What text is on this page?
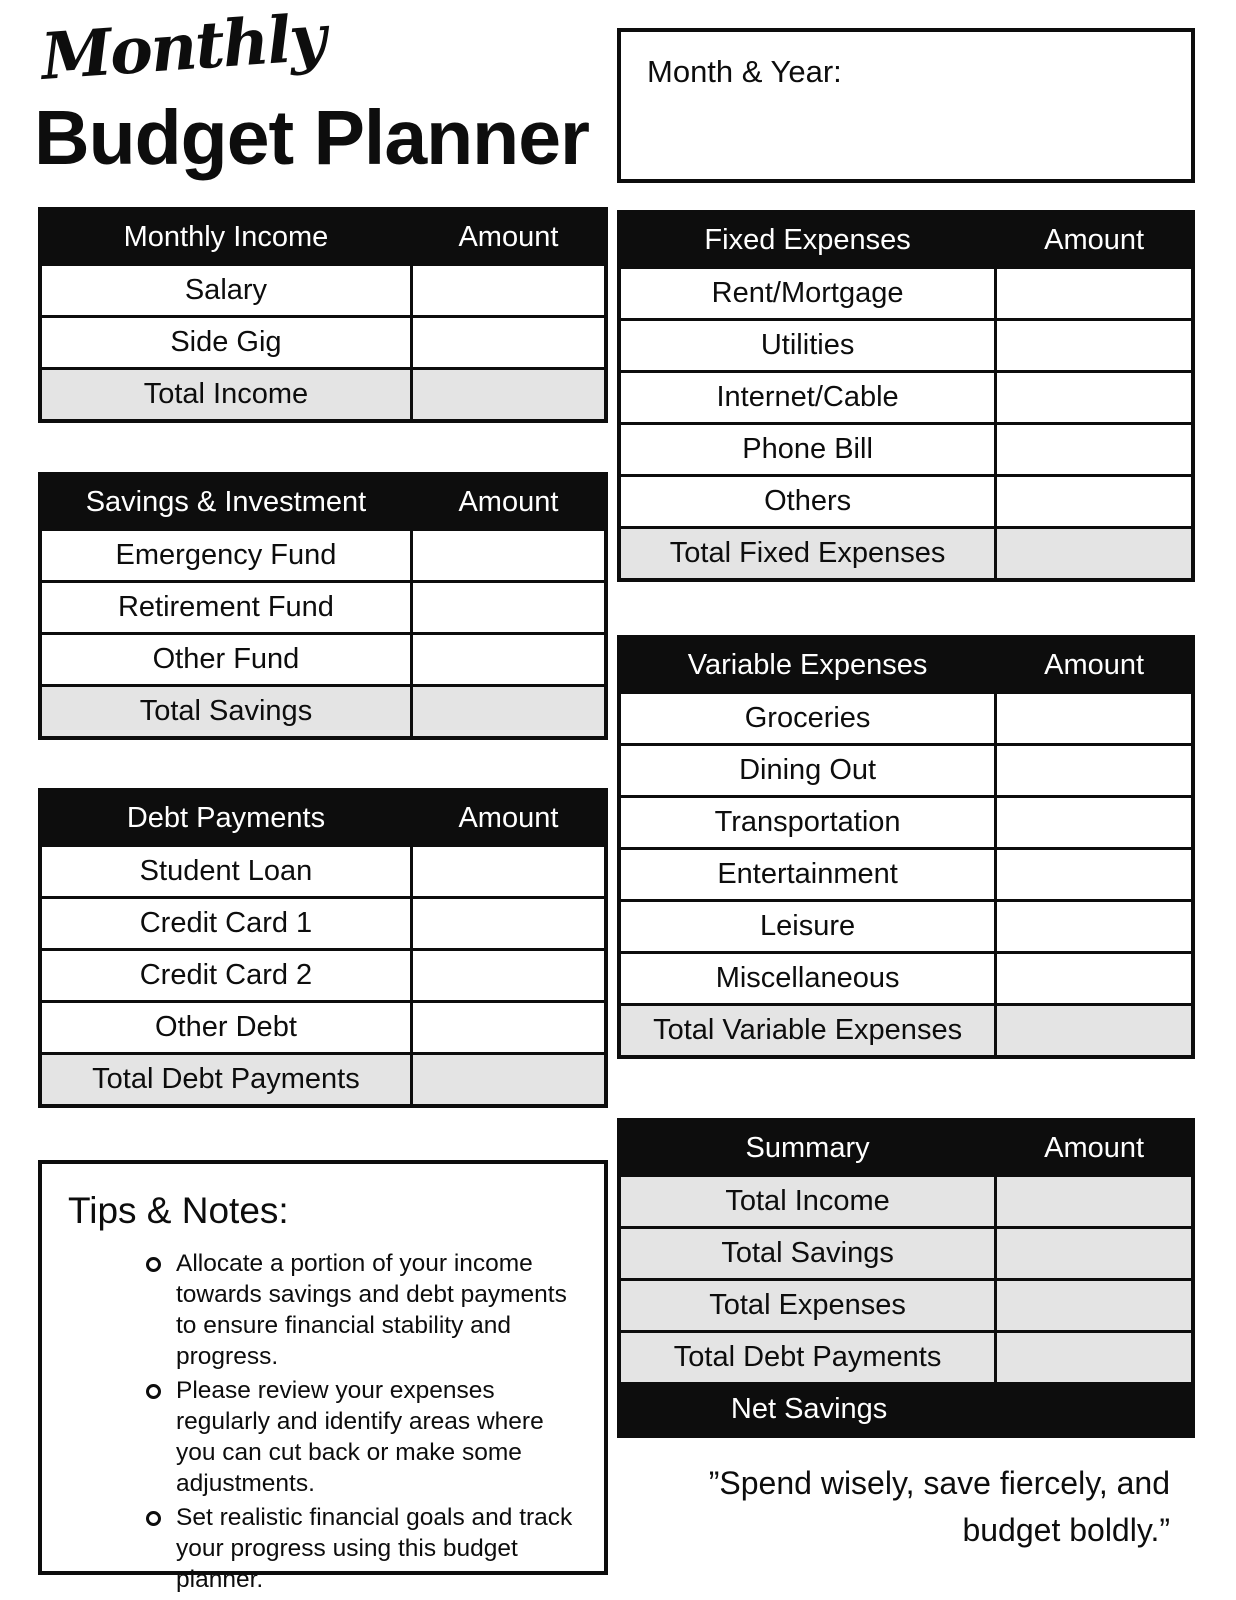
Monthly
Budget Planner
Month & Year:
Monthly Income	Amount
Salary
Side Gig
Total Income
Savings & Investment	Amount
Emergency Fund
Retirement Fund
Other Fund
Total Savings
Debt Payments	Amount
Student Loan
Credit Card 1
Credit Card 2
Other Debt
Total Debt Payments
Fixed Expenses	Amount
Rent/Mortgage
Utilities
Internet/Cable
Phone Bill
Others
Total Fixed Expenses
Variable Expenses	Amount
Groceries
Dining Out
Transportation
Entertainment
Leisure
Miscellaneous
Total Variable Expenses
Summary	Amount
Total Income
Total Savings
Total Expenses
Total Debt Payments
Net Savings
Tips & Notes:
Allocate a portion of your income towards savings and debt payments to ensure financial stability and progress.
Please review your expenses regularly and identify areas where you can cut back or make some adjustments.
Set realistic financial goals and track your progress using this budget planner.
”Spend wisely, save fiercely, and
budget boldly.”
